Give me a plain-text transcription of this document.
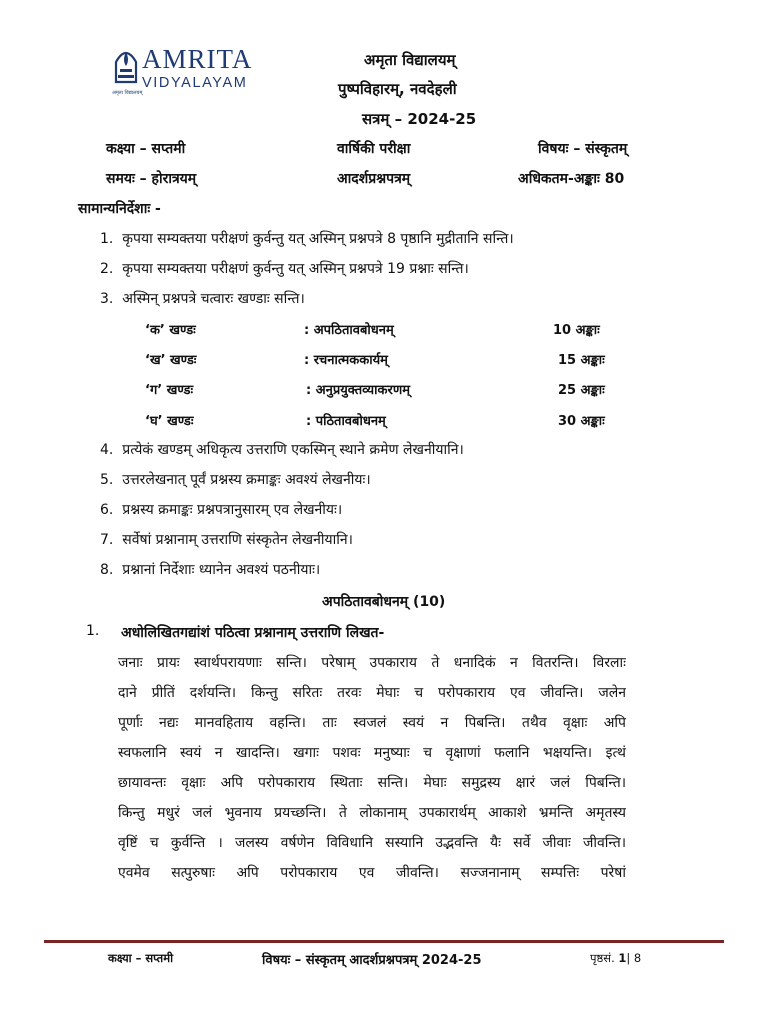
AMRITA
VIDYALAYAM
अमृता विद्यालयम्
अमृता विद्यालयम्
पुष्पविहारम्, नवदेहली
सत्रम् – 2024-25
कक्ष्या – सप्तमी	वार्षिकी परीक्षा	विषयः – संस्कृतम्
समयः – होरात्रयम्	आदर्शप्रश्नपत्रम्	अधिकतम-अङ्काः 80
सामान्यनिर्देशाः -
1. कृपया सम्यक्तया परीक्षणं कुर्वन्तु यत् अस्मिन् प्रश्नपत्रे 8 पृष्ठानि मुद्रीतानि सन्ति।
2. कृपया सम्यक्तया परीक्षणं कुर्वन्तु यत् अस्मिन् प्रश्नपत्रे 19 प्रश्नाः सन्ति।
3. अस्मिन् प्रश्नपत्रे चत्वारः खण्डाः सन्ति।
‘क’ खण्डः	: अपठितावबोधनम्	10 अङ्काः
‘ख’ खण्डः	: रचनात्मककार्यम्	15 अङ्काः
‘ग’ खण्डः	: अनुप्रयुक्तव्याकरणम्	25 अङ्काः
‘घ’ खण्डः	: पठितावबोधनम्	30 अङ्काः
4. प्रत्येकं खण्डम् अधिकृत्य उत्तराणि एकस्मिन् स्थाने क्रमेण लेखनीयानि।
5. उत्तरलेखनात् पूर्वं प्रश्नस्य क्रमाङ्कः अवश्यं लेखनीयः।
6. प्रश्नस्य क्रमाङ्कः प्रश्नपत्रानुसारम् एव लेखनीयः।
7. सर्वेषां प्रश्नानाम् उत्तराणि संस्कृतेन लेखनीयानि।
8. प्रश्नानां निर्देशाः ध्यानेन अवश्यं पठनीयाः।
अपठितावबोधनम् (10)
1. अधोलिखितगद्यांशं पठित्वा प्रश्नानाम् उत्तराणि लिखत-
जनाः प्रायः स्वार्थपरायणाः सन्ति। परेषाम् उपकाराय ते धनादिकं न वितरन्ति। विरलाः
दाने प्रीतिं दर्शयन्ति। किन्तु सरितः तरवः मेघाः च परोपकाराय एव जीवन्ति। जलेन
पूर्णाः नद्यः मानवहिताय वहन्ति। ताः स्वजलं स्वयं न पिबन्ति। तथैव वृक्षाः अपि
स्वफलानि स्वयं न खादन्ति। खगाः पशवः मनुष्याः च वृक्षाणां फलानि भक्षयन्ति। इत्थं
छायावन्तः वृक्षाः अपि परोपकाराय स्थिताः सन्ति। मेघाः समुद्रस्य क्षारं जलं पिबन्ति।
किन्तु मधुरं जलं भुवनाय प्रयच्छन्ति। ते लोकानाम् उपकारार्थम् आकाशे भ्रमन्ति अमृतस्य
वृष्टिं च कुर्वन्ति । जलस्य वर्षणेन विविधानि सस्यानि उद्भवन्ति यैः सर्वे जीवाः जीवन्ति।
एवमेव सत्पुरुषाः अपि परोपकाराय एव जीवन्ति। सज्जनानाम् सम्पत्तिः परेषां
कक्ष्या – सप्तमी	विषयः – संस्कृतम् आदर्शप्रश्नपत्रम् 2024-25	पृष्ठसं. 1| 8
